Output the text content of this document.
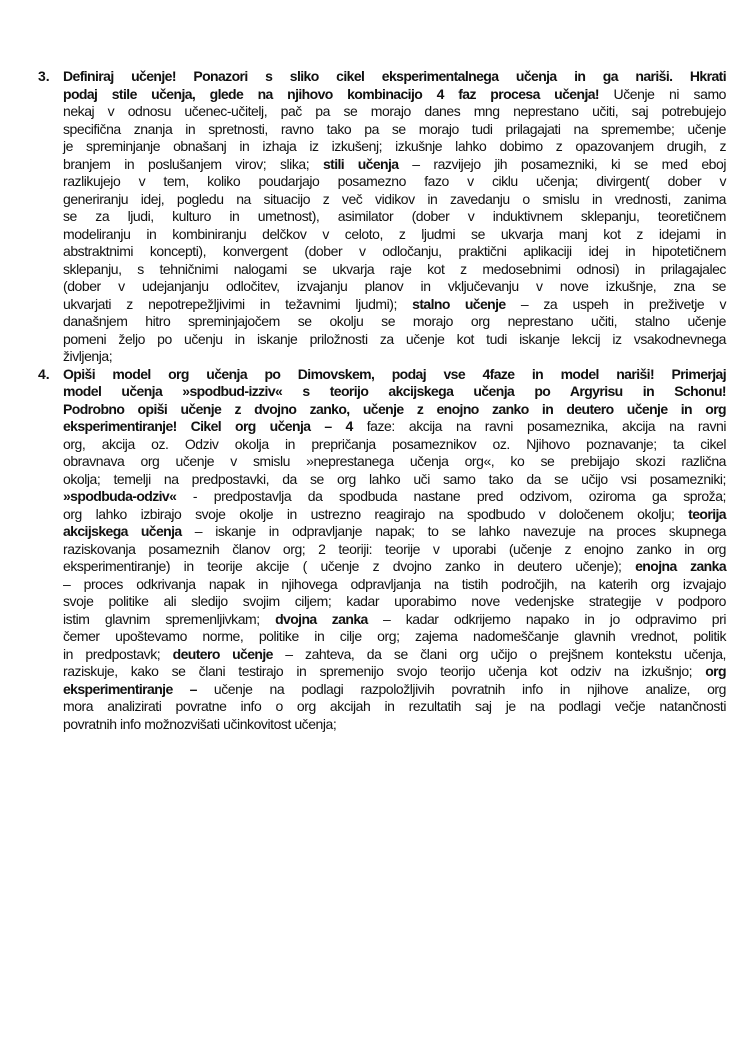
3. Definiraj učenje! Ponazori s sliko cikel eksperimentalnega učenja in ga nariši. Hkrati
podaj stile učenja, glede na njihovo kombinacijo 4 faz procesa učenja! Učenje ni samo
nekaj v odnosu učenec-učitelj, pač pa se morajo danes mng neprestano učiti, saj potrebujejo
specifična znanja in spretnosti, ravno tako pa se morajo tudi prilagajati na spremembe; učenje
je spreminjanje obnašanj in izhaja iz izkušenj; izkušnje lahko dobimo z opazovanjem drugih, z
branjem in poslušanjem virov; slika; stili učenja – razvijejo jih posamezniki, ki se med eboj
razlikujejo v tem, koliko poudarjajo posamezno fazo v ciklu učenja; divirgent( dober v
generiranju idej, pogledu na situacijo z več vidikov in zavedanju o smislu in vrednosti, zanima
se za ljudi, kulturo in umetnost), asimilator (dober v induktivnem sklepanju, teoretičnem
modeliranju in kombiniranju delčkov v celoto, z ljudmi se ukvarja manj kot z idejami in
abstraktnimi koncepti), konvergent (dober v odločanju, praktični aplikaciji idej in hipotetičnem
sklepanju, s tehničnimi nalogami se ukvarja raje kot z medosebnimi odnosi) in prilagajalec
(dober v udejanjanju odločitev, izvajanju planov in vključevanju v nove izkušnje, zna se
ukvarjati z nepotrepežljivimi in težavnimi ljudmi); stalno učenje – za uspeh in preživetje v
današnjem hitro spreminjajočem se okolju se morajo org neprestano učiti, stalno učenje
pomeni željo po učenju in iskanje priložnosti za učenje kot tudi iskanje lekcij iz vsakodnevnega
življenja;
4. Opiši model org učenja po Dimovskem, podaj vse 4faze in model nariši! Primerjaj
model učenja »spodbud-izziv« s teorijo akcijskega učenja po Argyrisu in Schonu!
Podrobno opiši učenje z dvojno zanko, učenje z enojno zanko in deutero učenje in org
eksperimentiranje! Cikel org učenja – 4 faze: akcija na ravni posameznika, akcija na ravni
org, akcija oz. Odziv okolja in prepričanja posameznikov oz. Njihovo poznavanje; ta cikel
obravnava org učenje v smislu »neprestanega učenja org«, ko se prebijajo skozi različna
okolja; temelji na predpostavki, da se org lahko uči samo tako da se učijo vsi posamezniki;
»spodbuda-odziv« - predpostavlja da spodbuda nastane pred odzivom, oziroma ga sproža;
org lahko izbirajo svoje okolje in ustrezno reagirajo na spodbudo v določenem okolju; teorija
akcijskega učenja – iskanje in odpravljanje napak; to se lahko navezuje na proces skupnega
raziskovanja posameznih članov org; 2 teoriji: teorije v uporabi (učenje z enojno zanko in org
eksperimentiranje) in teorije akcije ( učenje z dvojno zanko in deutero učenje); enojna zanka
– proces odkrivanja napak in njihovega odpravljanja na tistih področjih, na katerih org izvajajo
svoje politike ali sledijo svojim ciljem; kadar uporabimo nove vedenjske strategije v podporo
istim glavnim spremenljivkam; dvojna zanka – kadar odkrijemo napako in jo odpravimo pri
čemer upoštevamo norme, politike in cilje org; zajema nadomeščanje glavnih vrednot, politik
in predpostavk; deutero učenje – zahteva, da se člani org učijo o prejšnem kontekstu učenja,
raziskuje, kako se člani testirajo in spremenijo svojo teorijo učenja kot odziv na izkušnjo; org
eksperimentiranje – učenje na podlagi razpoložljivih povratnih info in njihove analize, org
mora analizirati povratne info o org akcijah in rezultatih saj je na podlagi večje natančnosti
povratnih info možnozvišati učinkovitost učenja;
